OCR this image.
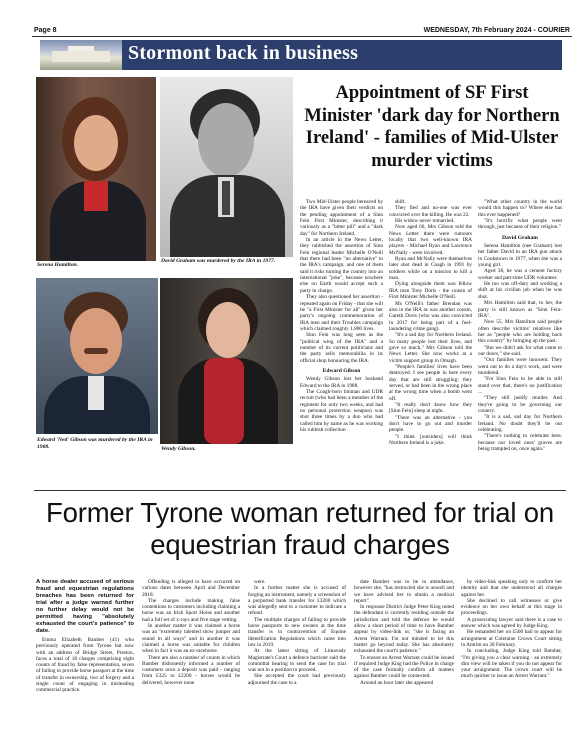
Page 8	WEDNESDAY, 7th February 2024 - COURIER
Stormont back in business
Serena Hamilton.
David Graham was murdered by the IRA in 1977.
Edward 'Ned' Gibson was murdered by the IRA in 1988.	Wendy Gibson.
Appointment of SF First Minister 'dark day for Northern Ireland' - families of Mid-Ulster murder victims

Two Mid-Ulster people bereaved by the IRA have given their verdicts on the pending appointment of a Sinn Fein First Minister, describing it variously as a "bitter pill" and a "dark day" for Northern Ireland.

In an article in the News Letter, they rubbished the assertion of Sinn Fein regional leader Michelle O'Neill that there had been "no alternative" to the IRA's campaign, and one of them said it risks turning the country into an international "joke", because nowhere else on Earth would accept such a party in charge.

They also questioned her assertion - repeated again on Friday - that she will be "a First Minister for all" given her party's ongoing commemoration of IRA men and their Troubles campaign which claimed roughly 1,800 lives.

Sinn Fein was long seen as the "political wing of the IRA" and a number of its current politicians and the party sells memorabilia in its official shop honouring the IRA.

Edward Gibson

Wendy Gibson lost her husband Edward to the IRA in 1988.

The Coagh-born binman and UDR recruit (who had been a member of the regiment for only two weeks, and had no personal protection weapon) was shot three times by a duo who had called him by name as he was working his rubbish collection

shift.

They fled and no-one was ever convicted over the killing. He was 22.

His widow never remarried.

Now aged 60, Mrs Gibson told the News Letter there were rumours locally that two well-known IRA players - Michael Ryan and Lawrence McNally - were involved.

Ryan and McNally were themselves later shot dead in Coagh in 1991 by soldiers while on a mission to kill a man.

Dying alongside them was fellow IRA man Tony Doris - the cousin of First Minister Michelle O'Neill.

Ms O'Neill's father Brendan was also in the IRA as was another cousin, Gareth Doris (who was also convicted in 2017 for being part of a fuel-laundering crime gang).

"It's a sad day for Northern Ireland. So many people lost their lives, and gave so much," Mrs Gibson told the News Letter. She now works at a victim support group in Omagh.

"People's families' lives have been destroyed. I see people in here every day that are still struggling; they served, or had been in the wrong place at the wrong time when a bomb went off.

"It really don't know how they [Sinn Fein] sleep at night.

"There was an alternative - you don't have to go out and murder people.

"I think [outsiders] will think Northern Ireland is a joke.

"What other country in the world would this happen to? Where else has this ever happened?

"It's horrific what people went through, just because of their religion."

David Graham

Serena Hamilton (nee Graham) lost her father David in an IRA gun attack in Cookstown in 1977, when she was a young girl.

Aged 38, he was a cement factory worker and part-time UDR volunteer.

He too was off-duty and working a shift at his civilian job when he was shot.

Mrs Hamilton said that, to her, the party is still known as "Sinn Fein-IRA".

Now 55, Mrs Hamilton said people often describe victims' relatives like her as "people who are holding back this country" by bringing up the past.

"But we didn't ask for what came to our doors," she said.

"Our families were innocent. They went out to do a day's work, and were murdered.

"For Sinn Fein to be able to still stand over that, there's no justification ...

"They still justify murder. And they're going to be governing our country.

"It is a sad, sad day for Northern Ireland. No doubt they'll be out celebrating.

"There's nothing to celebrate here, because our loved ones' graves are being trampled on, once again."

Former Tyrone woman returned for trial on equestrian fraud charges
A horse dealer accused of serious fraud and equestrian regulations breaches has been returned for trial after a judge warned further no further delay would not be permitted having "absolutely exhausted the court's patience" to date.

Emma Elizabeth Bamber (41) who previously operated from Tyrone but now with an address of Bridge Street, Preston, faces a total of 18 charges comprising eight counts of fraud by false representation, seven of failing to provide horse passport at the time of transfer in ownership, two of forgery and a single count of engaging in misleading commercial practice.

Offending is alleged to have occurred on various dates between April and December 2018.

The charges include making false contentions to customers including claiming a horse was an Irish Sport Horse and another had a full set of x-rays and five stage vetting.

In another matter it was claimed a horse was an "extremely talented show jumper and sound in all ways" and in another it was claimed a horse was suitable for children when in fact it was an ex-racehorse.

There are also a number of counts in which Bamber dishonestly informed a number of customers once a deposit was paid - ranging from £325 to £2200 - horses would be delivered, however none

were.

In a further matter she is accused of forging an instrument, namely a screenshot of a purported bank transfer for £3200 which was allegedly sent to a customer to indicate a refund.

The multiple charges of failing to provide horse passports to new owners at the time transfer is in contravention of Equine Identification Regulations which came into law in 2019.

At the latest sitting of Limavady Magistrate's Court a defence barrister said the committal hearing to send the case for trial was not in a position to proceed.

She accepted the court had previously adjourned the case to a

date Bamber was to be in attendance, however she, "has instructed she is unwell and we have advised her to obtain a medical report".

In response District Judge Peter King noted the defendant is currently residing outside the jurisdiction and told the defence he would allow a short period of time to have Bamber appear by video-link or, "she is facing an Arrest Warrant. I'm not minded to let this matter go beyond today. She has absolutely exhausted the court's patience."

To ensure an Arrest Warrant could be issued if required Judge King had the Police in charge of the case formally confirm all matters against Bamber could be connected.

Around an hour later she appeared

by video-link speaking only to confirm her identity and that she understood all charges against her.

She declined to call witnesses or give evidence on her own behalf at this stage in proceedings.

A prosecuting lawyer said there is a case to answer which was agreed by Judge King.

He remanded her on £500 bail to appear for arraignment at Coleraine Crown Court sitting in Antrim on 28 February.

In concluding, Judge King told Bamber, "I'm giving you a clear warning - an extremely dim view will be taken if you do not appear for your arraignment. The crown court will be much quicker to issue an Arrest Warrant."
